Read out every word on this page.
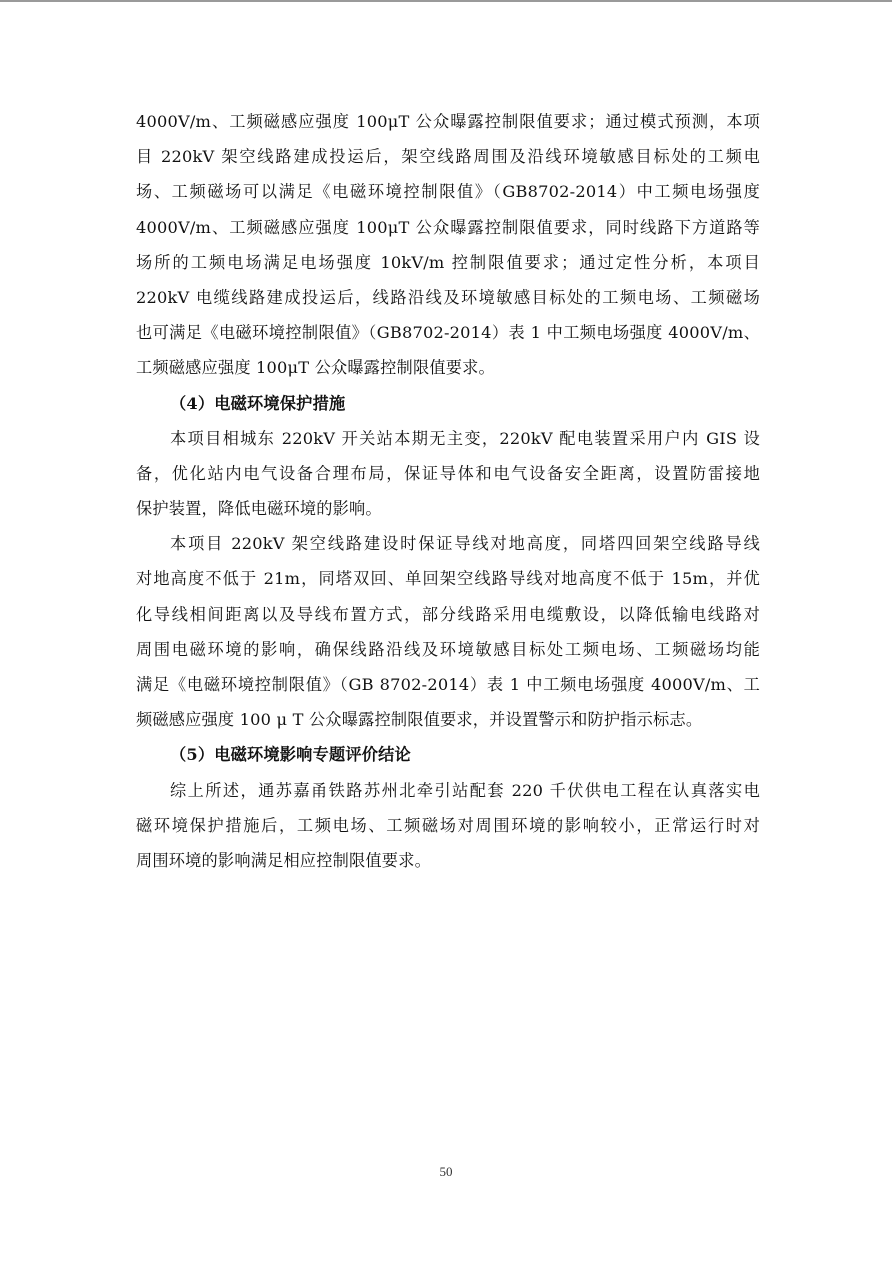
4000V/m、工频磁感应强度 100μT 公众曝露控制限值要求；通过模式预测，本项
目 220kV 架空线路建成投运后，架空线路周围及沿线环境敏感目标处的工频电
场、工频磁场可以满足《电磁环境控制限值》（GB8702-2014）中工频电场强度
4000V/m、工频磁感应强度 100μT 公众曝露控制限值要求，同时线路下方道路等
场所的工频电场满足电场强度 10kV/m 控制限值要求；通过定性分析，本项目
220kV 电缆线路建成投运后，线路沿线及环境敏感目标处的工频电场、工频磁场
也可满足《电磁环境控制限值》（GB8702-2014）表 1 中工频电场强度 4000V/m、
工频磁感应强度 100μT 公众曝露控制限值要求。
（4）电磁环境保护措施
本项目相城东 220kV 开关站本期无主变，220kV 配电装置采用户内 GIS 设
备，优化站内电气设备合理布局，保证导体和电气设备安全距离，设置防雷接地
保护装置，降低电磁环境的影响。
本项目 220kV 架空线路建设时保证导线对地高度，同塔四回架空线路导线
对地高度不低于 21m，同塔双回、单回架空线路导线对地高度不低于 15m，并优
化导线相间距离以及导线布置方式，部分线路采用电缆敷设，以降低输电线路对
周围电磁环境的影响，确保线路沿线及环境敏感目标处工频电场、工频磁场均能
满足《电磁环境控制限值》（GB 8702-2014）表 1 中工频电场强度 4000V/m、工
频磁感应强度 100 μ T 公众曝露控制限值要求，并设置警示和防护指示标志。
（5）电磁环境影响专题评价结论
综上所述，通苏嘉甬铁路苏州北牵引站配套 220 千伏供电工程在认真落实电
磁环境保护措施后，工频电场、工频磁场对周围环境的影响较小，正常运行时对
周围环境的影响满足相应控制限值要求。
50
